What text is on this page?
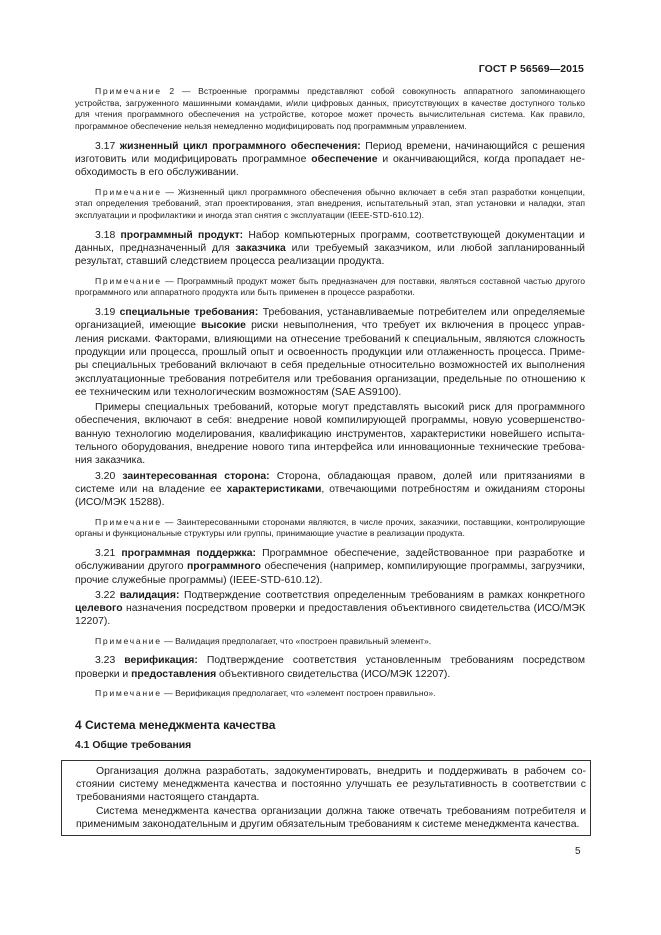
ГОСТ Р 56569—2015

Примечание 2 — Встроенные программы представляют собой совокупность аппаратного запоминающего устройства, загруженного машинными командами, и/или цифровых данных, присутствующих в качестве доступного только для чтения программного обеспечения на устройстве, которое может прочесть вычислительная система. Как правило, программное обеспечение нельзя немедленно модифицировать под программным управлением.

3.17 жизненный цикл программного обеспечения: Период времени, начинающийся с решения изготовить или модифицировать программное обеспечение и оканчивающийся, когда пропадает необходимость в его обслуживании.

Примечание — Жизненный цикл программного обеспечения обычно включает в себя этап разработки концепции, этап определения требований, этап проектирования, этап внедрения, испытательный этап, этап установки и наладки, этап эксплуатации и профилактики и иногда этап снятия с эксплуатации (IEEE-STD-610.12).

3.18 программный продукт: Набор компьютерных программ, соответствующей документации и данных, предназначенный для заказчика или требуемый заказчиком, или любой запланированный результат, ставший следствием процесса реализации продукта.

Примечание — Программный продукт может быть предназначен для поставки, являться составной частью другого программного или аппаратного продукта или быть применен в процессе разработки.

3.19 специальные требования: Требования, устанавливаемые потребителем или определяемые организацией, имеющие высокие риски невыполнения, что требует их включения в процесс управления рисками. Факторами, влияющими на отнесение требований к специальным, являются сложность продукции или процесса, прошлый опыт и освоенность продукции или отлаженность процесса. Примеры специальных требований включают в себя предельные относительно возможностей их выполнения эксплуатационные требования потребителя или требования организации, предельные по отношению к ее техническим или технологическим возможностям (SAE AS9100).

Примеры специальных требований, которые могут представлять высокий риск для программного обеспечения, включают в себя: внедрение новой компилирующей программы, новую усовершенствованную технологию моделирования, квалификацию инструментов, характеристики новейшего испытательного оборудования, внедрение нового типа интерфейса или инновационные технические требования заказчика.

3.20 заинтересованная сторона: Сторона, обладающая правом, долей или притязаниями в системе или на владение ее характеристиками, отвечающими потребностям и ожиданиям стороны (ИСО/МЭК 15288).

Примечание — Заинтересованными сторонами являются, в числе прочих, заказчики, поставщики, контролирующие органы и функциональные структуры или группы, принимающие участие в реализации продукта.

3.21 программная поддержка: Программное обеспечение, задействованное при разработке и обслуживании другого программного обеспечения (например, компилирующие программы, загрузчики, прочие служебные программы) (IEEE-STD-610.12).

3.22 валидация: Подтверждение соответствия определенным требованиям в рамках конкретного целевого назначения посредством проверки и предоставления объективного свидетельства (ИСО/МЭК 12207).

Примечание — Валидация предполагает, что «построен правильный элемент».

3.23 верификация: Подтверждение соответствия установленным требованиям посредством проверки и предоставления объективного свидетельства (ИСО/МЭК 12207).

Примечание — Верификация предполагает, что «элемент построен правильно».

4 Система менеджмента качества
4.1 Общие требования

Организация должна разработать, задокументировать, внедрить и поддерживать в рабочем состоянии систему менеджмента качества и постоянно улучшать ее результативность в соответствии с требованиями настоящего стандарта.

Система менеджмента качества организации должна также отвечать требованиям потребителя и применимым законодательным и другим обязательным требованиям к системе менеджмента качества.

5
